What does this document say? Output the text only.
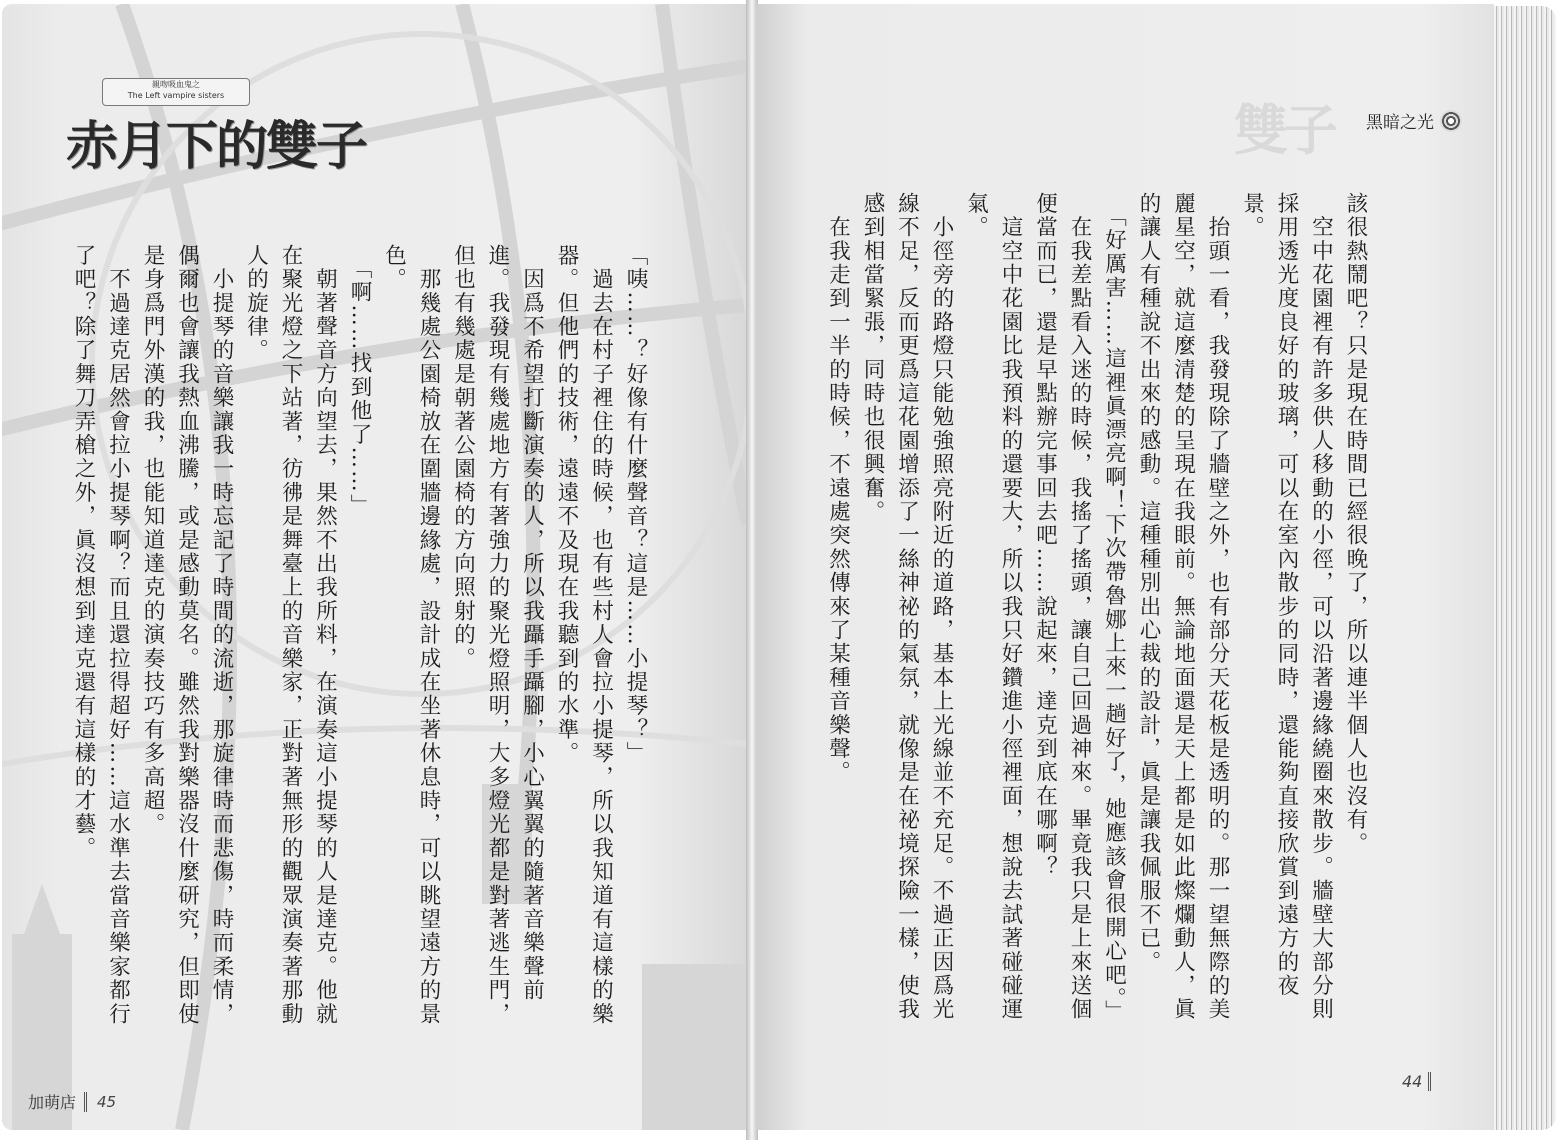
親吻吸血鬼之
The Left vampire sisters
赤月下的雙子
「咦……？好像有什麼聲音？這是……小提琴？」
　過去在村子裡住的時候，也有些村人會拉小提琴，所以我知道有這樣的樂器。但他們的技術，遠遠不及現在我聽到的水準。
　因爲不希望打斷演奏的人，所以我躡手躡腳，小心翼翼的隨著音樂聲前進。我發現有幾處地方有著強力的聚光燈照明，大多燈光都是對著逃生門，但也有幾處是朝著公園椅的方向照射的。
　那幾處公園椅放在圍牆邊緣處，設計成在坐著休息時，可以眺望遠方的景色。
　「啊……找到他了……」
　朝著聲音方向望去，果然不出我所料，在演奏這小提琴的人是達克。他就在聚光燈之下站著，彷彿是舞臺上的音樂家，正對著無形的觀眾演奏著那動人的旋律。
　小提琴的音樂讓我一時忘記了時間的流逝，那旋律時而悲傷，時而柔情，偶爾也會讓我熱血沸騰，或是感動莫名。雖然我對樂器沒什麼研究，但即使是身爲門外漢的我，也能知道達克的演奏技巧有多高超。
　不過達克居然會拉小提琴啊？而且還拉得超好……這水準去當音樂家都行了吧？除了舞刀弄槍之外，眞沒想到達克還有這樣的才藝。
加萌店	45
雙子 黑暗之光
該很熱鬧吧？只是現在時間已經很晚了，所以連半個人也沒有。
　空中花園裡有許多供人移動的小徑，可以沿著邊緣繞圈來散步。牆壁大部分則採用透光度良好的玻璃，可以在室內散步的同時，還能夠直接欣賞到遠方的夜景。
　抬頭一看，我發現除了牆壁之外，也有部分天花板是透明的。那一望無際的美麗星空，就這麼清楚的呈現在我眼前。無論地面還是天上都是如此燦爛動人，眞的讓人有種說不出來的感動。這種種別出心裁的設計，眞是讓我佩服不已。
　「好厲害……這裡眞漂亮啊！下次帶魯娜上來一趟好了，她應該會很開心吧。」
　在我差點看入迷的時候，我搖了搖頭，讓自己回過神來。畢竟我只是上來送個便當而已，還是早點辦完事回去吧……說起來，達克到底在哪啊？
　這空中花園比我預料的還要大，所以我只好鑽進小徑裡面，想說去試著碰碰運氣。
　小徑旁的路燈只能勉強照亮附近的道路，基本上光線並不充足。不過正因爲光線不足，反而更爲這花園增添了一絲神祕的氣氛，就像是在祕境探險一樣，使我感到相當緊張，同時也很興奮。
　在我走到一半的時候，不遠處突然傳來了某種音樂聲。
44
